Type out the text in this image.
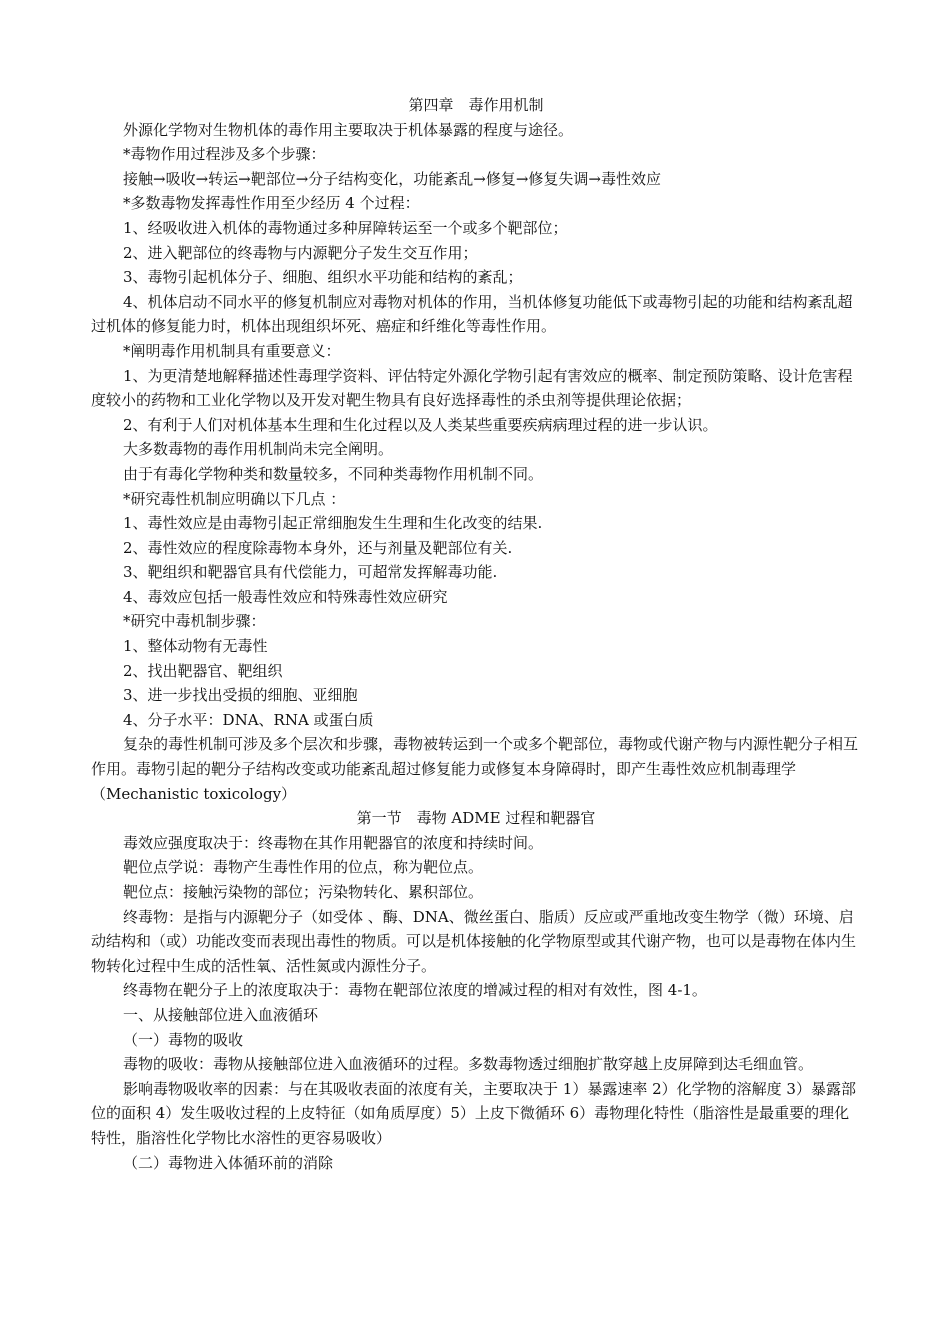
第四章　毒作用机制

外源化学物对生物机体的毒作用主要取决于机体暴露的程度与途径。

*毒物作用过程涉及多个步骤：

接触→吸收→转运→靶部位→分子结构变化，功能紊乱→修复→修复失调→毒性效应

*多数毒物发挥毒性作用至少经历 4 个过程：

1、经吸收进入机体的毒物通过多种屏障转运至一个或多个靶部位；

2、进入靶部位的终毒物与内源靶分子发生交互作用；

3、毒物引起机体分子、细胞、组织水平功能和结构的紊乱；

4、机体启动不同水平的修复机制应对毒物对机体的作用，当机体修复功能低下或毒物引起的功能和结构紊乱超过机体的修复能力时，机体出现组织坏死、癌症和纤维化等毒性作用。

*阐明毒作用机制具有重要意义：

1、为更清楚地解释描述性毒理学资料、评估特定外源化学物引起有害效应的概率、制定预防策略、设计危害程度较小的药物和工业化学物以及开发对靶生物具有良好选择毒性的杀虫剂等提供理论依据；

2、有利于人们对机体基本生理和生化过程以及人类某些重要疾病病理过程的进一步认识。

大多数毒物的毒作用机制尚未完全阐明。

由于有毒化学物种类和数量较多，不同种类毒物作用机制不同。

*研究毒性机制应明确以下几点 ：

1、毒性效应是由毒物引起正常细胞发生生理和生化改变的结果.

2、毒性效应的程度除毒物本身外，还与剂量及靶部位有关.

3、靶组织和靶器官具有代偿能力，可超常发挥解毒功能.

4、毒效应包括一般毒性效应和特殊毒性效应研究

*研究中毒机制步骤：

1、整体动物有无毒性

2、找出靶器官、靶组织

3、进一步找出受损的细胞、亚细胞

4、分子水平：DNA、RNA 或蛋白质

复杂的毒性机制可涉及多个层次和步骤，毒物被转运到一个或多个靶部位，毒物或代谢产物与内源性靶分子相互作用。毒物引起的靶分子结构改变或功能紊乱超过修复能力或修复本身障碍时，即产生毒性效应机制毒理学（Mechanistic toxicology）

第一节　毒物 ADME 过程和靶器官

毒效应强度取决于：终毒物在其作用靶器官的浓度和持续时间。

靶位点学说：毒物产生毒性作用的位点，称为靶位点。

靶位点：接触污染物的部位；污染物转化、累积部位。

终毒物：是指与内源靶分子（如受体 、酶、DNA、微丝蛋白、脂质）反应或严重地改变生物学（微）环境、启动结构和（或）功能改变而表现出毒性的物质。可以是机体接触的化学物原型或其代谢产物，也可以是毒物在体内生物转化过程中生成的活性氧、活性氮或内源性分子。

终毒物在靶分子上的浓度取决于：毒物在靶部位浓度的增减过程的相对有效性，图 4-1。

一、从接触部位进入血液循环

（一）毒物的吸收

毒物的吸收：毒物从接触部位进入血液循环的过程。多数毒物透过细胞扩散穿越上皮屏障到达毛细血管。

影响毒物吸收率的因素：与在其吸收表面的浓度有关，主要取决于 1）暴露速率 2）化学物的溶解度 3）暴露部位的面积 4）发生吸收过程的上皮特征（如角质厚度）5）上皮下微循环 6）毒物理化特性（脂溶性是最重要的理化特性，脂溶性化学物比水溶性的更容易吸收）

（二）毒物进入体循环前的消除
